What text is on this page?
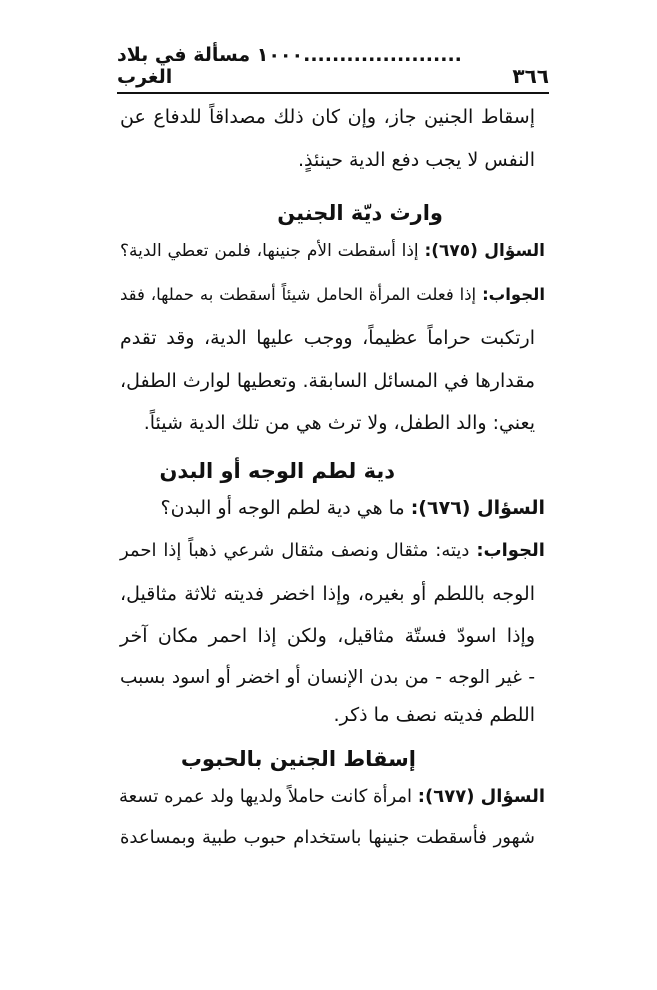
٣٦٦
......................١٠٠٠ مسألة في بلاد الغرب
إسقاط الجنين جاز، وإن كان ذلك مصداقاً للدفاع عن
النفس لا يجب دفع الدية حينئذٍ.
وارث ديّة الجنين
السؤال (٦٧٥): إذا أسقطت الأم جنينها، فلمن تعطي الدية؟
الجواب: إذا فعلت المرأة الحامل شيئاً أسقطت به حملها، فقد
ارتكبت حراماً عظيماً، ووجب عليها الدية، وقد تقدم
مقدارها في المسائل السابقة. وتعطيها لوارث الطفل،
يعني: والد الطفل، ولا ترث هي من تلك الدية شيئاً.
دية لطم الوجه أو البدن
السؤال (٦٧٦): ما هي دية لطم الوجه أو البدن؟
الجواب: ديته: مثقال ونصف مثقال شرعي ذهباً إذا احمر
الوجه باللطم أو بغيره، وإذا اخضر فديته ثلاثة مثاقيل،
وإذا اسودّ فستّة مثاقيل، ولكن إذا احمر مكان آخر
- غير الوجه - من بدن الإنسان أو اخضر أو اسود بسبب
اللطم فديته نصف ما ذكر.
إسقاط الجنين بالحبوب
السؤال (٦٧٧): امرأة كانت حاملاً ولديها ولد عمره تسعة
شهور فأسقطت جنينها باستخدام حبوب طبية وبمساعدة
